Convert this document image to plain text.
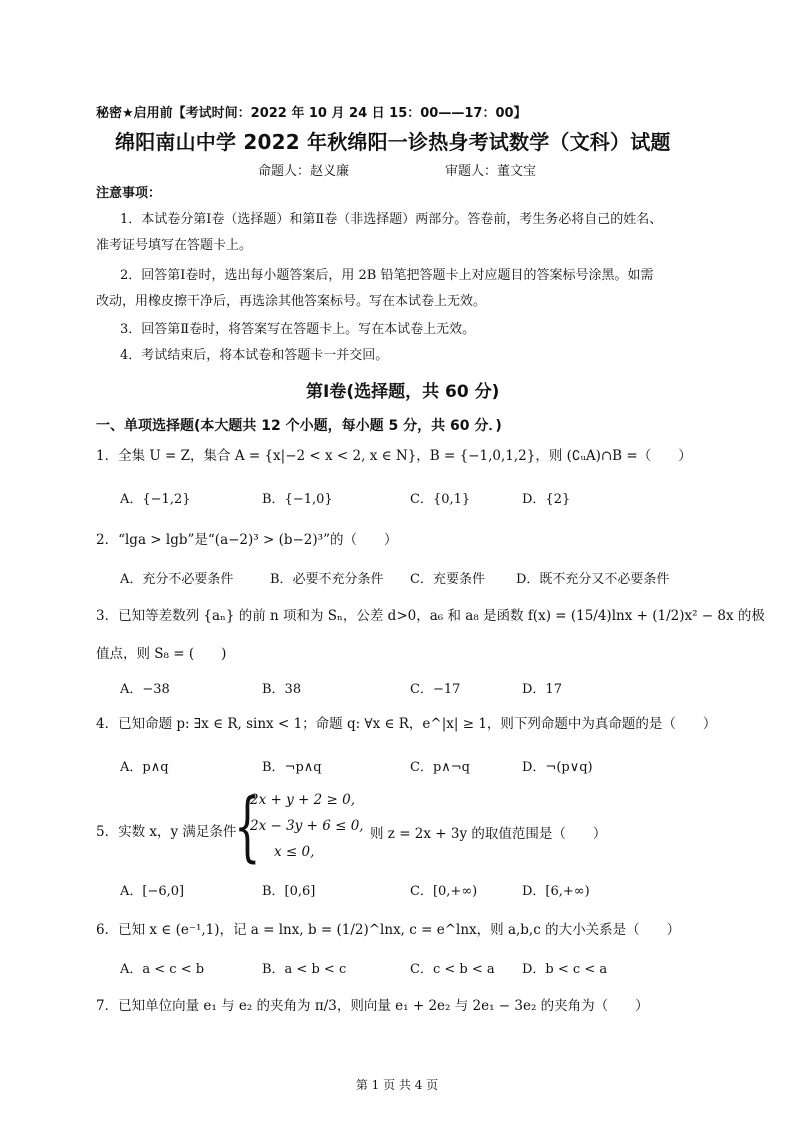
秘密★启用前【考试时间：2022 年 10 月 24 日 15：00——17：00】
绵阳南山中学 2022 年秋绵阳一诊热身考试数学（文科）试题
命题人：赵义廉	审题人：董文宝
注意事项：
1．本试卷分第Ⅰ卷（选择题）和第Ⅱ卷（非选择题）两部分。答卷前，考生务必将自己的姓名、
准考证号填写在答题卡上。
2．回答第Ⅰ卷时，选出每小题答案后，用 2B 铅笔把答题卡上对应题目的答案标号涂黑。如需
改动，用橡皮擦干净后，再选涂其他答案标号。写在本试卷上无效。
3．回答第Ⅱ卷时，将答案写在答题卡上。写在本试卷上无效。
4．考试结束后，将本试卷和答题卡一并交回。
第Ⅰ卷(选择题，共 60 分)
一、单项选择题(本大题共 12 个小题，每小题 5 分，共 60 分．)
1．全集 U = Z，集合 A = {x|−2 < x < 2, x ∈ N}，B = {−1,0,1,2}，则 (∁ᵤA)∩B =（　　）
A．{−1,2}	B．{−1,0}	C．{0,1}	D．{2}
2．“lga > lgb”是“(a−2)³ > (b−2)³”的（　　）
A．充分不必要条件	B．必要不充分条件 C．充要条件 D．既不充分又不必要条件
3．已知等差数列 {aₙ} 的前 n 项和为 Sₙ，公差 d>0，a₆ 和 a₈ 是函数 f(x) = (15/4)lnx + (1/2)x² − 8x 的极
值点，则 S₈ = (　　)
A．−38	B．38	C．−17	D．17
4．已知命题 p: ∃x ∈ R, sinx < 1；命题 q: ∀x ∈ R，e^|x| ≥ 1，则下列命题中为真命题的是（　　）
A．p∧q	B．¬p∧q	C．p∧¬q	D．¬(p∨q)
5．实数 x，y 满足条件
{
2x + y + 2 ≥ 0,
2x − 3y + 6 ≤ 0,
x ≤ 0,
则 z = 2x + 3y 的取值范围是（　　）
A．[−6,0]	B．[0,6]	C．[0,+∞)	D．[6,+∞)
6．已知 x ∈ (e⁻¹,1)，记 a = lnx, b = (1/2)^lnx, c = e^lnx，则 a,b,c 的大小关系是（　　）
A．a < c < b	B．a < b < c	C．c < b < a D．b < c < a
7．已知单位向量 e₁ 与 e₂ 的夹角为 π/3，则向量 e₁ + 2e₂ 与 2e₁ − 3e₂ 的夹角为（　　）
第 1 页 共 4 页
